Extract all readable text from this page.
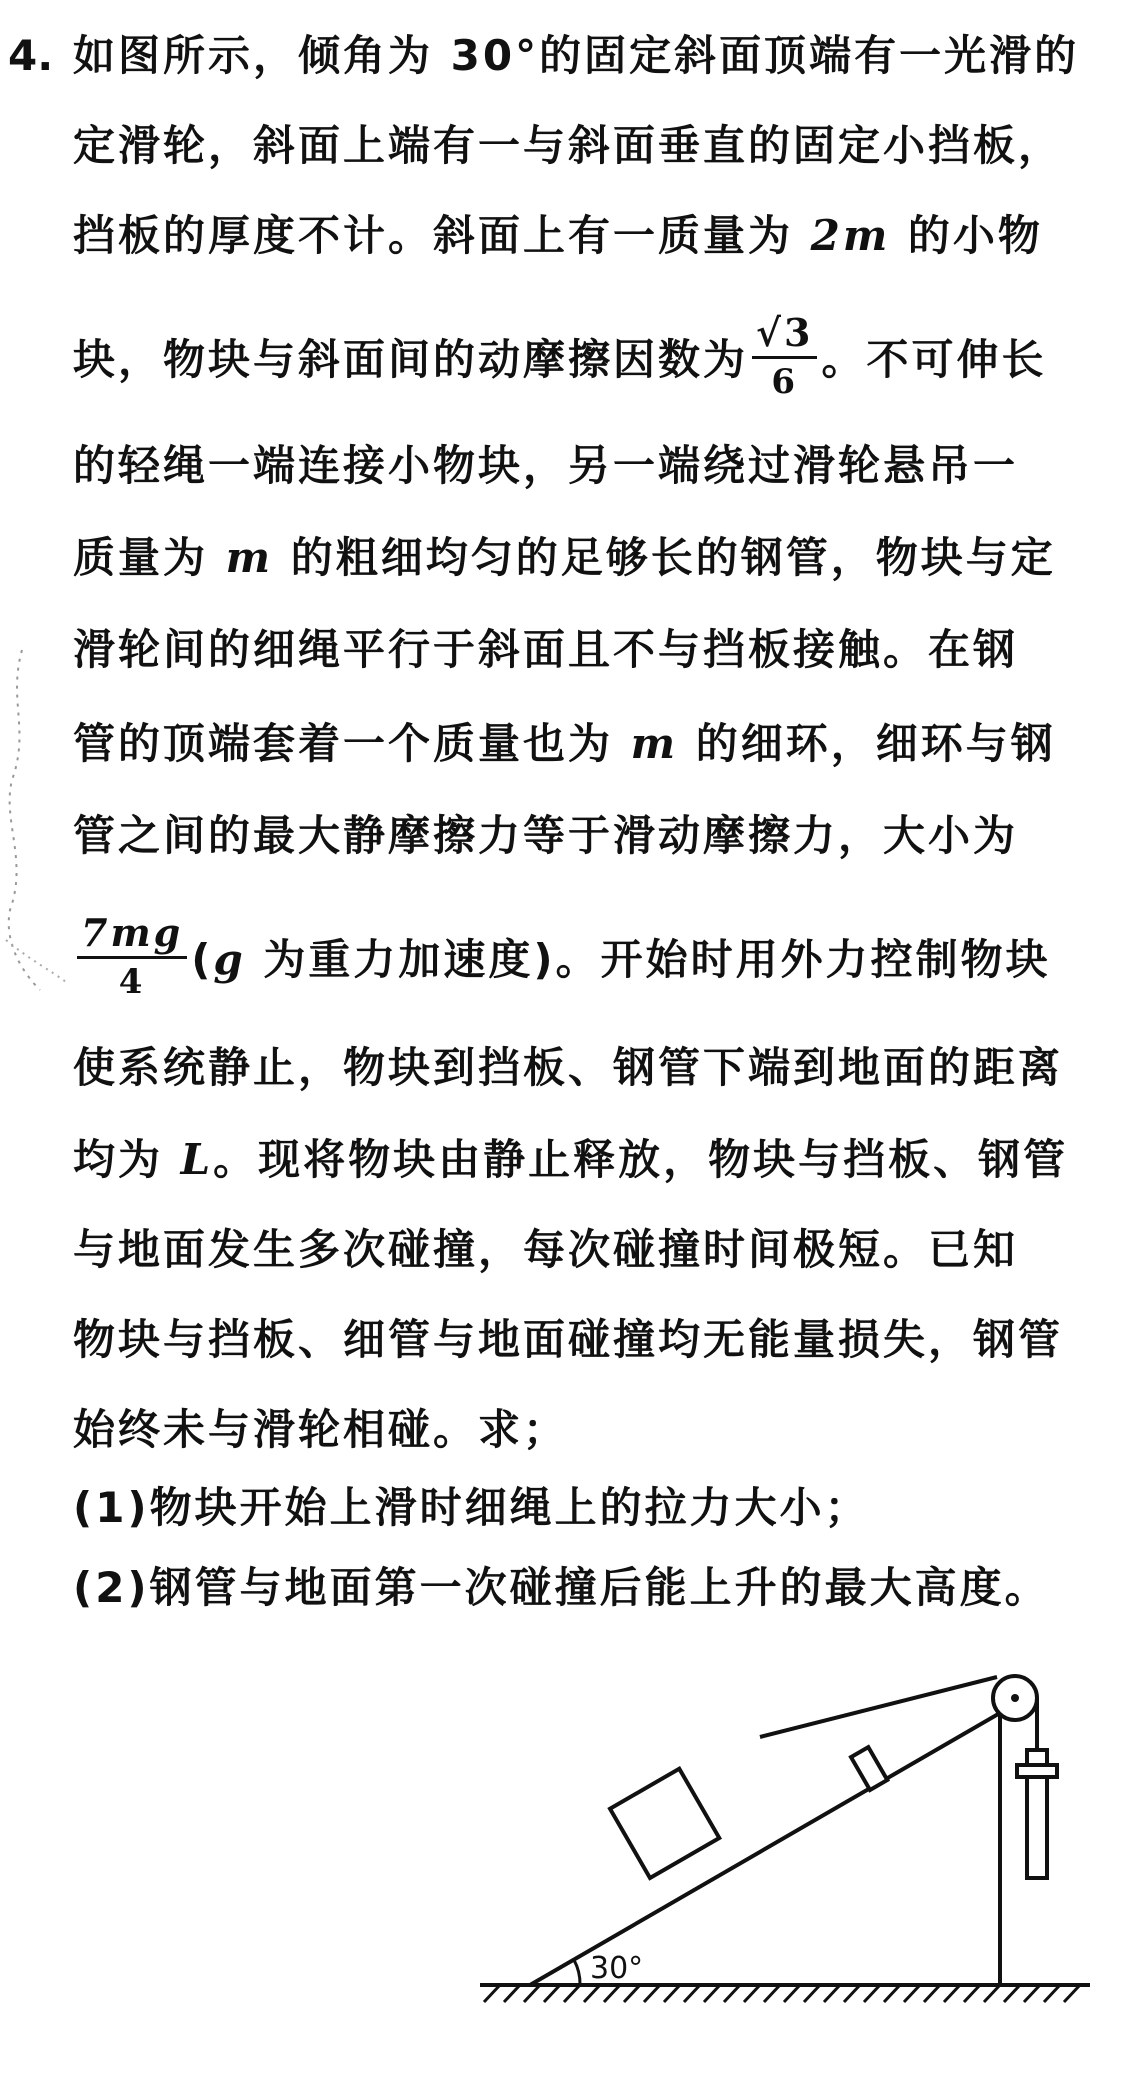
4. 如图所示，倾角为 30°的固定斜面顶端有一光滑的
定滑轮，斜面上端有一与斜面垂直的固定小挡板，
挡板的厚度不计。斜面上有一质量为 2m 的小物
块，物块与斜面间的动摩擦因数为 $\frac{√3}{6}$ 。不可伸长
的轻绳一端连接小物块，另一端绕过滑轮悬吊一
质量为 m 的粗细均匀的足够长的钢管，物块与定
滑轮间的细绳平行于斜面且不与挡板接触。在钢
管的顶端套着一个质量也为 m 的细环，细环与钢
管之间的最大静摩擦力等于滑动摩擦力，大小为
$\frac{7mg}{4} (g$ 为重力加速度)。开始时用外力控制物块
使系统静止，物块到挡板、钢管下端到地面的距离
均为 L。现将物块由静止释放，物块与挡板、钢管
与地面发生多次碰撞，每次碰撞时间极短。已知
物块与挡板、细管与地面碰撞均无能量损失，钢管
始终未与滑轮相碰。求；
(1)物块开始上滑时细绳上的拉力大小；
(2)钢管与地面第一次碰撞后能上升的最大高度。
30°
